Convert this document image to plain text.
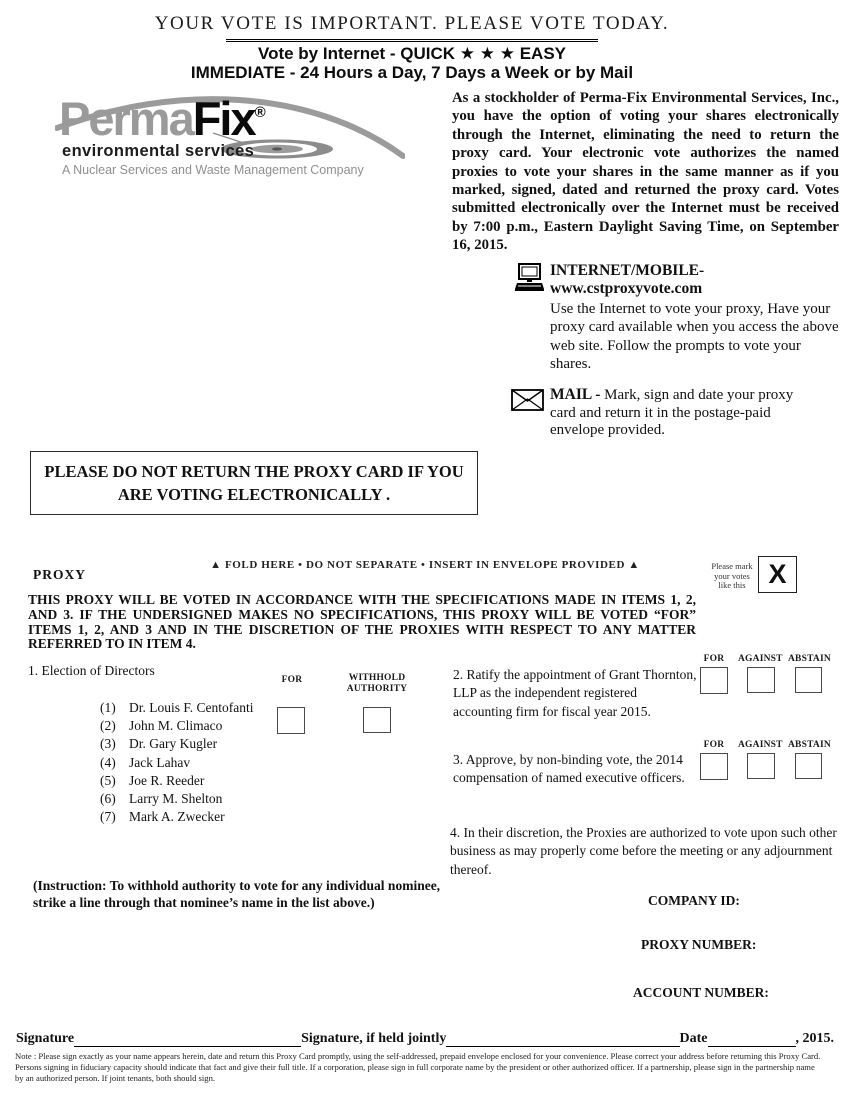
YOUR VOTE IS IMPORTANT. PLEASE VOTE TODAY.
Vote by Internet - QUICK ★ ★ ★ EASY
IMMEDIATE - 24 Hours a Day, 7 Days a Week or by Mail
PermaFix®
environmental services
A Nuclear Services and Waste Management Company
As a stockholder of Perma-Fix Environmental Services, Inc., you have the option of voting your shares electronically through the Internet, eliminating the need to return the proxy card. Your electronic vote authorizes the named proxies to vote your shares in the same manner as if you marked, signed, dated and returned the proxy card. Votes submitted electronically over the Internet must be received by 7:00 p.m., Eastern Daylight Saving Time, on September 16, 2015.
INTERNET/MOBILE-
www.cstproxyvote.com
Use the Internet to vote your proxy, Have your proxy card available when you access the above web site. Follow the prompts to vote your shares.
MAIL - Mark, sign and date your proxy card and return it in the postage-paid envelope provided.
PLEASE DO NOT RETURN THE PROXY CARD IF YOU
ARE VOTING ELECTRONICALLY .
▲ FOLD HERE • DO NOT SEPARATE • INSERT IN ENVELOPE PROVIDED ▲
PROXY
Please mark
your votes
like this X
THIS PROXY WILL BE VOTED IN ACCORDANCE WITH THE SPECIFICATIONS MADE IN ITEMS 1, 2, AND 3. IF THE UNDERSIGNED MAKES NO SPECIFICATIONS, THIS PROXY WILL BE VOTED “FOR” ITEMS 1, 2, AND 3 AND IN THE DISCRETION OF THE PROXIES WITH RESPECT TO ANY MATTER REFERRED TO IN ITEM 4.
1. Election of Directors
FOR	WITHHOLD
AUTHORITY
(1) Dr. Louis F. Centofanti
(2) John M. Climaco
(3) Dr. Gary Kugler
(4) Jack Lahav
(5) Joe R. Reeder
(6) Larry M. Shelton
(7) Mark A. Zwecker
FOR	AGAINST ABSTAIN
2. Ratify the appointment of Grant Thornton, LLP as the independent registered accounting firm for fiscal year 2015.
FOR	AGAINST ABSTAIN
3. Approve, by non-binding vote, the 2014 compensation of named executive officers.
4. In their discretion, the Proxies are authorized to vote upon such other business as may properly come before the meeting or any adjournment thereof.
(Instruction: To withhold authority to vote for any individual nominee, strike a line through that nominee’s name in the list above.)	COMPANY ID:
PROXY NUMBER:
ACCOUNT NUMBER:
Signature	Signature, if held jointly	Date	, 2015.
Note : Please sign exactly as your name appears herein, date and return this Proxy Card promptly, using the self-addressed, prepaid envelope enclosed for your convenience. Please correct your address before returning this Proxy Card.
Persons signing in fiduciary capacity should indicate that fact and give their full title. If a corporation, please sign in full corporate name by the president or other authorized officer. If a partnership, please sign in the partnership name
by an authorized person. If joint tenants, both should sign.
